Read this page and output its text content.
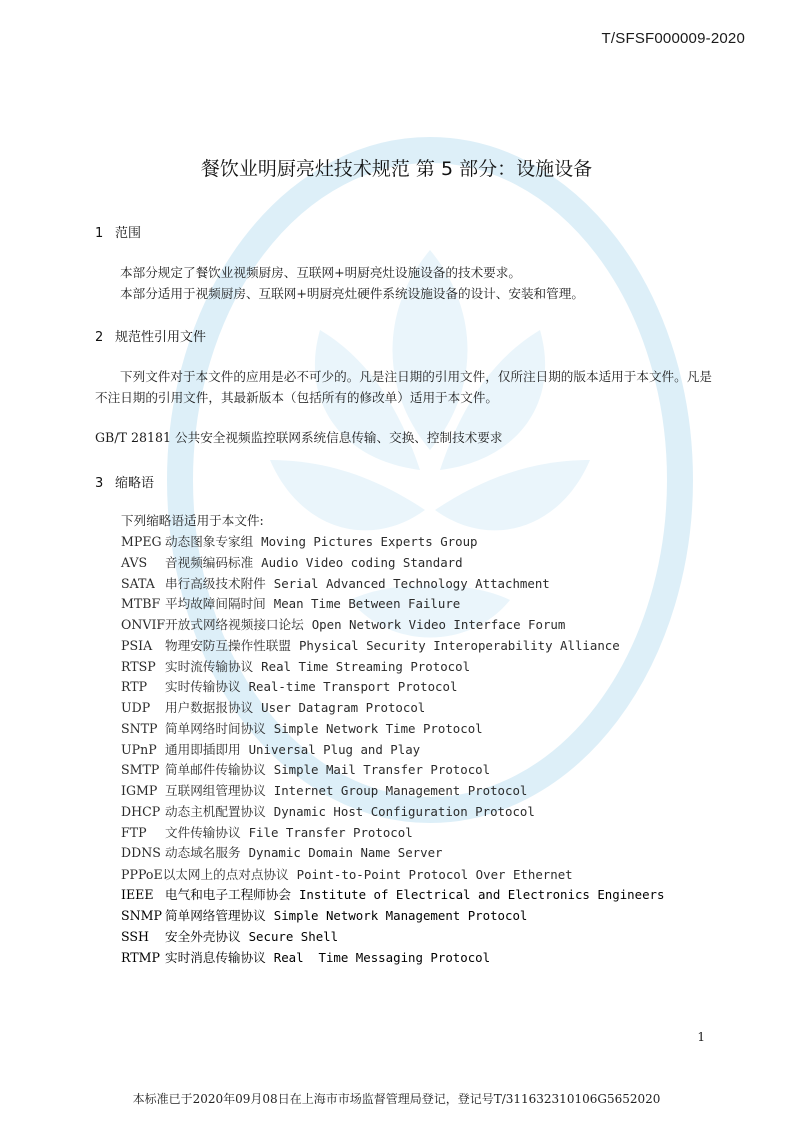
T/SFSF000009-2020
餐饮业明厨亮灶技术规范 第 5 部分：设施设备
1 范围
本部分规定了餐饮业视频厨房、互联网+明厨亮灶设施设备的技术要求。
本部分适用于视频厨房、互联网+明厨亮灶硬件系统设施设备的设计、安装和管理。
2 规范性引用文件
下列文件对于本文件的应用是必不可少的。凡是注日期的引用文件，仅所注日期的版本适用于本文件。凡是不注日期的引用文件，其最新版本（包括所有的修改单）适用于本文件。
GB/T 28181 公共安全视频监控联网系统信息传输、交换、控制技术要求
3 缩略语
下列缩略语适用于本文件:
MPEG 动态图象专家组 Moving Pictures Experts Group
AVS 音视频编码标准 Audio Video coding Standard
SATA 串行高级技术附件 Serial Advanced Technology Attachment
MTBF 平均故障间隔时间 Mean Time Between Failure
ONVIF开放式网络视频接口论坛 Open Network Video Interface Forum
PSIA 物理安防互操作性联盟 Physical Security Interoperability Alliance
RTSP 实时流传输协议 Real Time Streaming Protocol
RTP 实时传输协议 Real-time Transport Protocol
UDP 用户数据报协议 User Datagram Protocol
SNTP 简单网络时间协议 Simple Network Time Protocol
UPnP 通用即插即用 Universal Plug and Play
SMTP 简单邮件传输协议 Simple Mail Transfer Protocol
IGMP 互联网组管理协议 Internet Group Management Protocol
DHCP 动态主机配置协议 Dynamic Host Configuration Protocol
FTP 文件传输协议 File Transfer Protocol
DDNS 动态域名服务 Dynamic Domain Name Server
PPPoE以太网上的点对点协议 Point-to-Point Protocol Over Ethernet
IEEE 电气和电子工程师协会 Institute of Electrical and Electronics Engineers
SNMP 简单网络管理协议 Simple Network Management Protocol
SSH 安全外壳协议 Secure Shell
RTMP 实时消息传输协议 Real  Time Messaging Protocol
1
本标准已于2020年09月08日在上海市市场监督管理局登记，登记号T/311632310106G5652020
